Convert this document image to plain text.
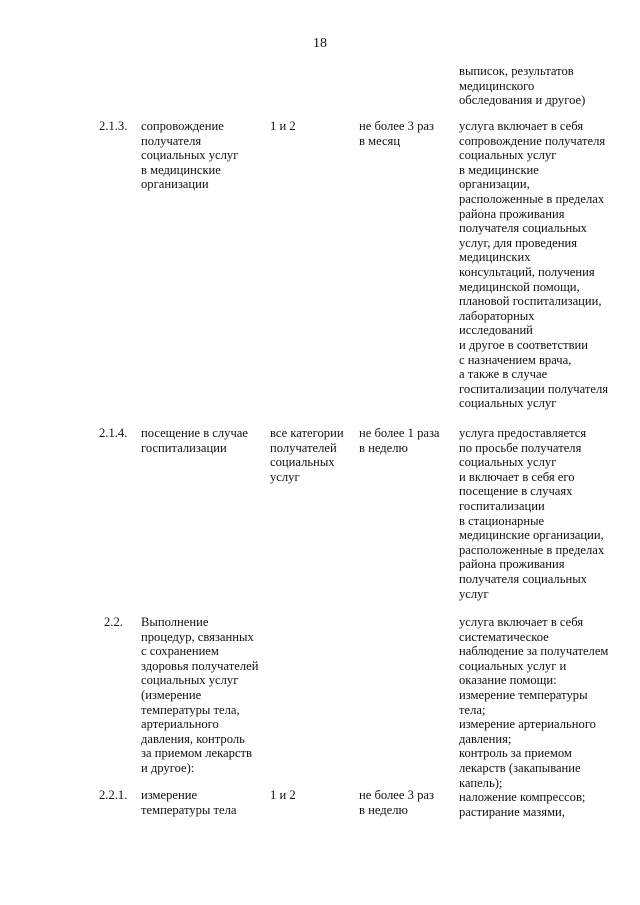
18
выписок, результатов
медицинского
обследования и другое)
2.1.3. сопровождение
получателя
социальных услуг
в медицинские
организации
1 и 2	не более 3 раз
в месяц
услуга включает в себя
сопровождение получателя
социальных услуг
в медицинские
организации,
расположенные в пределах
района проживания
получателя социальных
услуг, для проведения
медицинских
консультаций, получения
медицинской помощи,
плановой госпитализации,
лабораторных
исследований
и другое в соответствии
с назначением врача,
а также в случае
госпитализации получателя
социальных услуг
2.1.4. посещение в случае
госпитализации
все категории
получателей
социальных
услуг
не более 1 раза
в неделю
услуга предоставляется
по просьбе получателя
социальных услуг
и включает в себя его
посещение в случаях
госпитализации
в стационарные
медицинские организации,
расположенные в пределах
района проживания
получателя социальных
услуг
2.2. Выполнение
процедур, связанных
с сохранением
здоровья получателей
социальных услуг
(измерение
температуры тела,
артериального
давления, контроль
за приемом лекарств
и другое):
услуга включает в себя
систематическое
наблюдение за получателем
социальных услуг и
оказание помощи:
измерение температуры
тела;
измерение артериального
давления;
контроль за приемом
лекарств (закапывание
капель);
наложение компрессов;
растирание мазями,
2.2.1. измерение
температуры тела
1 и 2	не более 3 раз
в неделю
